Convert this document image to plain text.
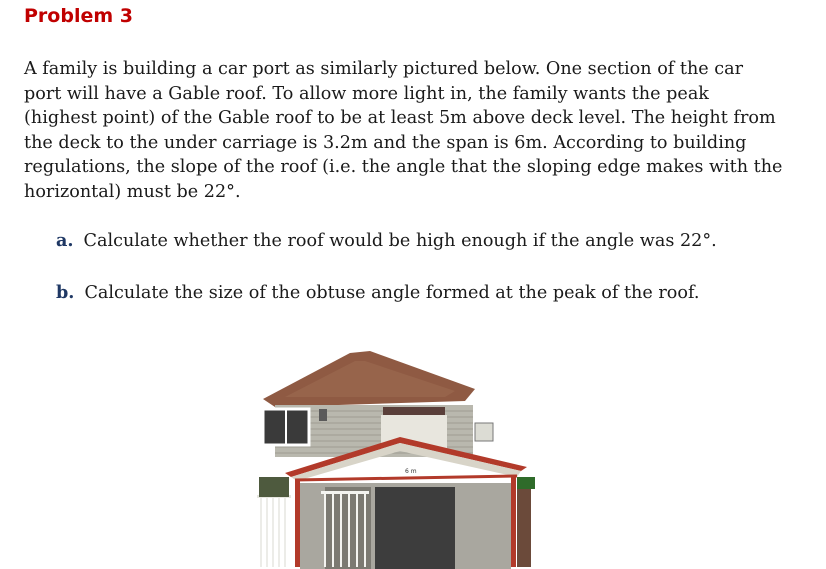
Problem 3

A family is building a car port as similarly pictured below. One section of the car port will have a Gable roof. To allow more light in, the family wants the peak (highest point) of the Gable roof to be at least 5m above deck level. The height from the deck to the under carriage is 3.2m and the span is 6m. According to building regulations, the slope of the roof (i.e. the angle that the sloping edge makes with the horizontal) must be 22°.

a. Calculate whether the roof would be high enough if the angle was 22°.

b. Calculate the size of the obtuse angle formed at the peak of the roof.

6 m
